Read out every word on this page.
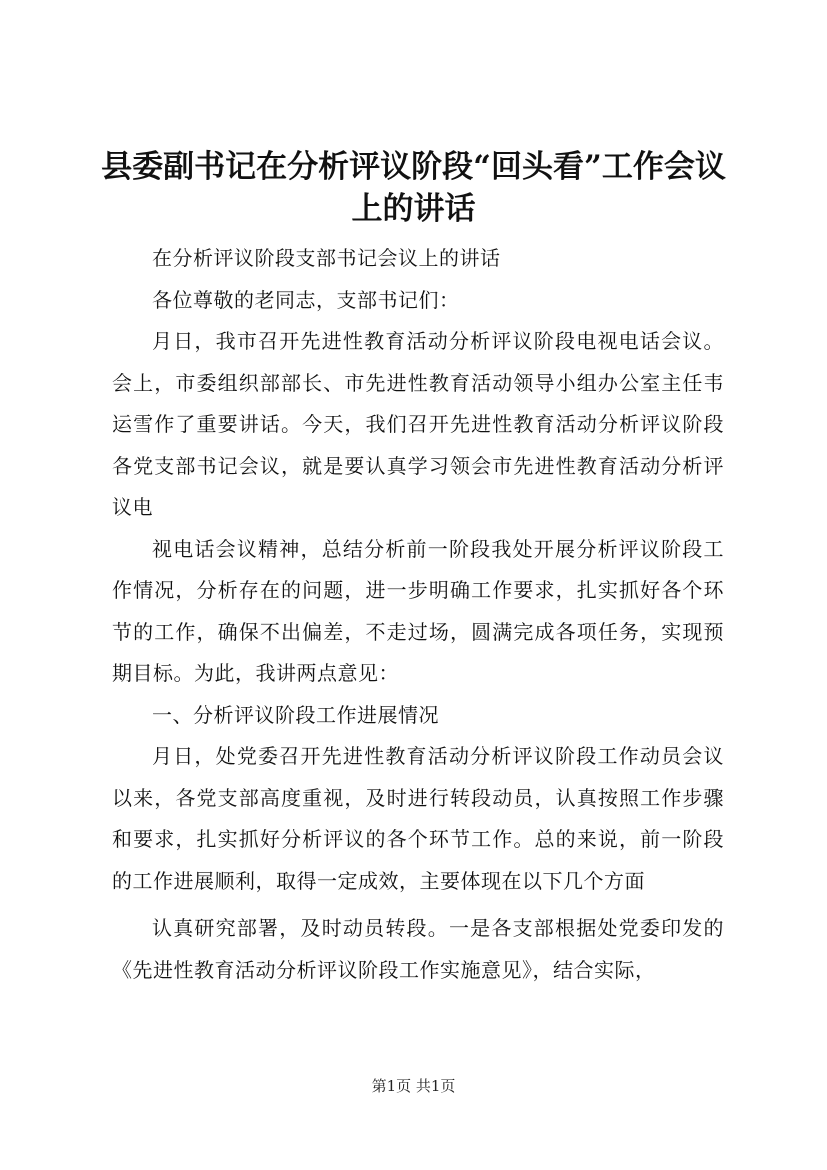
县委副书记在分析评议阶段“回头看”工作会议上的讲话

在分析评议阶段支部书记会议上的讲话

各位尊敬的老同志，支部书记们：

月日，我市召开先进性教育活动分析评议阶段电视电话会议。会上，市委组织部部长、市先进性教育活动领导小组办公室主任韦运雪作了重要讲话。今天，我们召开先进性教育活动分析评议阶段各党支部书记会议，就是要认真学习领会市先进性教育活动分析评议电

视电话会议精神，总结分析前一阶段我处开展分析评议阶段工作情况，分析存在的问题，进一步明确工作要求，扎实抓好各个环节的工作，确保不出偏差，不走过场，圆满完成各项任务，实现预期目标。为此，我讲两点意见：

一、分析评议阶段工作进展情况

月日，处党委召开先进性教育活动分析评议阶段工作动员会议以来，各党支部高度重视，及时进行转段动员，认真按照工作步骤和要求，扎实抓好分析评议的各个环节工作。总的来说，前一阶段的工作进展顺利，取得一定成效，主要体现在以下几个方面

认真研究部署，及时动员转段。一是各支部根据处党委印发的《先进性教育活动分析评议阶段工作实施意见》，结合实际，

第1页 共1页
